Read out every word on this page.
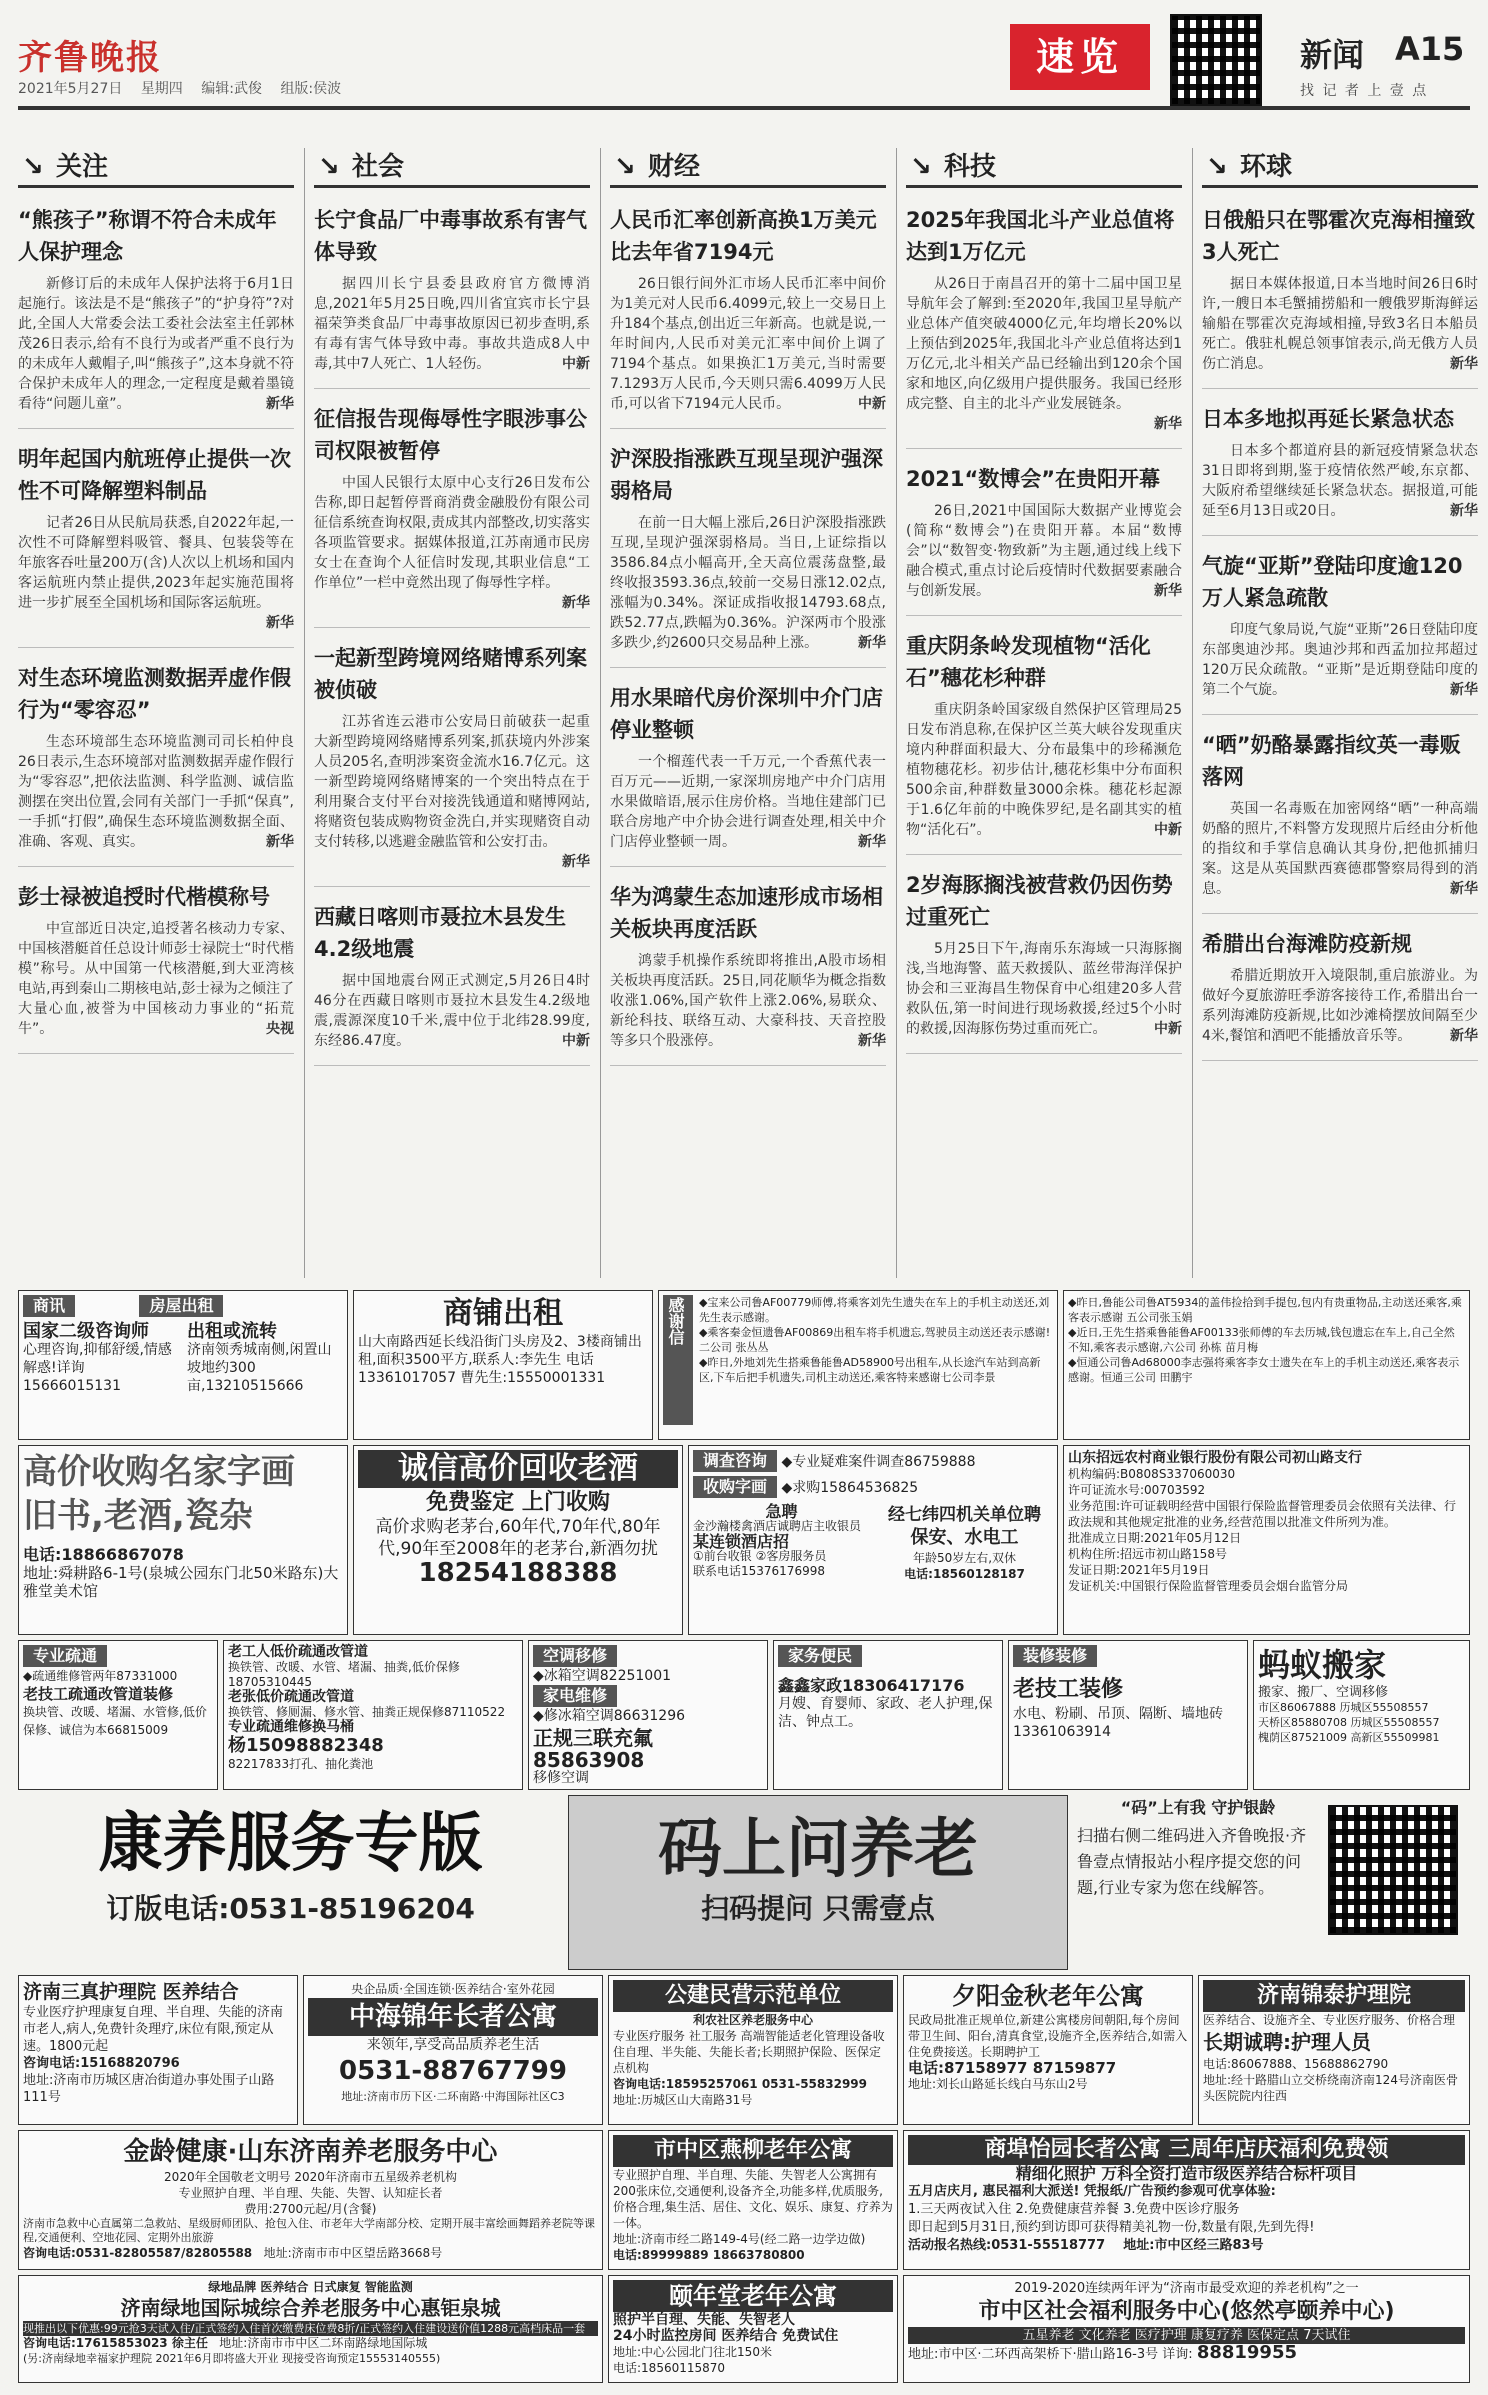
齐鲁晚报
2021年5月27日 星期四 编辑:武俊 组版:侯波
速览	新闻 A15
找 记 者 上 壹 点
↘ 关注
“熊孩子”称谓不符合未成年人保护理念

新修订后的未成年人保护法将于6月1日起施行。该法是不是“熊孩子”的“护身符”?对此,全国人大常委会法工委社会法室主任郭林茂26日表示,给有不良行为或者严重不良行为的未成年人戴帽子,叫“熊孩子”,这本身就不符合保护未成年人的理念,一定程度是戴着墨镜看待“问题儿童”。	新华

明年起国内航班停止提供一次性不可降解塑料制品

记者26日从民航局获悉,自2022年起,一次性不可降解塑料吸管、餐具、包装袋等在年旅客吞吐量200万(含)人次以上机场和国内客运航班内禁止提供,2023年起实施范围将进一步扩展至全国机场和国际客运航班。
新华

对生态环境监测数据弄虚作假行为“零容忍”

生态环境部生态环境监测司司长柏仲良26日表示,生态环境部对监测数据弄虚作假行为“零容忍”,把依法监测、科学监测、诚信监测摆在突出位置,会同有关部门一手抓“保真”,一手抓“打假”,确保生态环境监测数据全面、准确、客观、真实。	新华

彭士禄被追授时代楷模称号

中宣部近日决定,追授著名核动力专家、中国核潜艇首任总设计师彭士禄院士“时代楷模”称号。从中国第一代核潜艇,到大亚湾核电站,再到秦山二期核电站,彭士禄为之倾注了大量心血,被誉为中国核动力事业的“拓荒牛”。	央视

↘ 社会
长宁食品厂中毒事故系有害气体导致

据四川长宁县委县政府官方微博消息,2021年5月25日晚,四川省宜宾市长宁县福荣笋类食品厂中毒事故原因已初步查明,系有毒有害气体导致中毒。事故共造成8人中毒,其中7人死亡、1人轻伤。	中新

征信报告现侮辱性字眼涉事公司权限被暂停

中国人民银行太原中心支行26日发布公告称,即日起暂停晋商消费金融股份有限公司征信系统查询权限,责成其内部整改,切实落实各项监管要求。据媒体报道,江苏南通市民房女士在查询个人征信时发现,其职业信息“工作单位”一栏中竟然出现了侮辱性字样。
新华

一起新型跨境网络赌博系列案被侦破

江苏省连云港市公安局日前破获一起重大新型跨境网络赌博系列案,抓获境内外涉案人员205名,查明涉案资金流水16.7亿元。这一新型跨境网络赌博案的一个突出特点在于利用聚合支付平台对接洗钱通道和赌博网站,将赌资包装成购物资金洗白,并实现赌资自动支付转移,以逃避金融监管和公安打击。
新华

西藏日喀则市聂拉木县发生4.2级地震

据中国地震台网正式测定,5月26日4时46分在西藏日喀则市聂拉木县发生4.2级地震,震源深度10千米,震中位于北纬28.99度,东经86.47度。	中新

↘ 财经
人民币汇率创新高换1万美元比去年省7194元

26日银行间外汇市场人民币汇率中间价为1美元对人民币6.4099元,较上一交易日上升184个基点,创出近三年新高。也就是说,一年时间内,人民币对美元汇率中间价上调了7194个基点。如果换汇1万美元,当时需要7.1293万人民币,今天则只需6.4099万人民币,可以省下7194元人民币。	中新

沪深股指涨跌互现呈现沪强深弱格局

在前一日大幅上涨后,26日沪深股指涨跌互现,呈现沪强深弱格局。当日,上证综指以3586.84点小幅高开,全天高位震荡盘整,最终收报3593.36点,较前一交易日涨12.02点,涨幅为0.34%。深证成指收报14793.68点,跌52.77点,跌幅为0.36%。沪深两市个股涨多跌少,约2600只交易品种上涨。	新华

用水果暗代房价深圳中介门店停业整顿

一个榴莲代表一千万元,一个香蕉代表一百万元——近期,一家深圳房地产中介门店用水果做暗语,展示住房价格。当地住建部门已联合房地产中介协会进行调查处理,相关中介门店停业整顿一周。	新华

华为鸿蒙生态加速形成市场相关板块再度活跃

鸿蒙手机操作系统即将推出,A股市场相关板块再度活跃。25日,同花顺华为概念指数收涨1.06%,国产软件上涨2.06%,易联众、新纶科技、联络互动、大豪科技、天音控股等多只个股涨停。	新华

↘ 科技
2025年我国北斗产业总值将达到1万亿元

从26日于南昌召开的第十二届中国卫星导航年会了解到:至2020年,我国卫星导航产业总体产值突破4000亿元,年均增长20%以上预估到2025年,我国北斗产业总值将达到1万亿元,北斗相关产品已经输出到120余个国家和地区,向亿级用户提供服务。我国已经形成完整、自主的北斗产业发展链条。
新华

2021“数博会”在贵阳开幕

26日,2021中国国际大数据产业博览会(简称“数博会”)在贵阳开幕。本届“数博会”以“数智变·物致新”为主题,通过线上线下融合模式,重点讨论后疫情时代数据要素融合与创新发展。	新华

重庆阴条岭发现植物“活化石”穗花杉种群

重庆阴条岭国家级自然保护区管理局25日发布消息称,在保护区兰英大峡谷发现重庆境内种群面积最大、分布最集中的珍稀濒危植物穗花杉。初步估计,穗花杉集中分布面积500余亩,种群数量3000余株。穗花杉起源于1.6亿年前的中晚侏罗纪,是名副其实的植物“活化石”。	中新

2岁海豚搁浅被营救仍因伤势过重死亡

5月25日下午,海南乐东海域一只海豚搁浅,当地海警、蓝天救援队、蓝丝带海洋保护协会和三亚海昌生物保育中心组建20多人营救队伍,第一时间进行现场救援,经过5个小时的救援,因海豚伤势过重而死亡。	中新

↘ 环球
日俄船只在鄂霍次克海相撞致3人死亡

据日本媒体报道,日本当地时间26日6时许,一艘日本毛蟹捕捞船和一艘俄罗斯海鲜运输船在鄂霍次克海域相撞,导致3名日本船员死亡。俄驻札幌总领事馆表示,尚无俄方人员伤亡消息。	新华

日本多地拟再延长紧急状态

日本多个都道府县的新冠疫情紧急状态31日即将到期,鉴于疫情依然严峻,东京都、大阪府希望继续延长紧急状态。据报道,可能延至6月13日或20日。	新华

气旋“亚斯”登陆印度逾120万人紧急疏散

印度气象局说,气旋“亚斯”26日登陆印度东部奥迪沙邦。奥迪沙邦和西孟加拉邦超过120万民众疏散。“亚斯”是近期登陆印度的第二个气旋。	新华

“晒”奶酪暴露指纹英一毒贩落网

英国一名毒贩在加密网络“晒”一种高端奶酪的照片,不料警方发现照片后经由分析他的指纹和手掌信息确认其身份,把他抓捕归案。这是从英国默西赛德郡警察局得到的消息。	新华

希腊出台海滩防疫新规

希腊近期放开入境限制,重启旅游业。为做好今夏旅游旺季游客接待工作,希腊出台一系列海滩防疫新规,比如沙滩椅摆放间隔至少4米,餐馆和酒吧不能播放音乐等。	新华

商讯	房屋出租
国家二级咨询师
心理咨询,抑郁舒缓,情感解惑!详询15666015131
出租或流转
济南领秀城南侧,闲置山坡地约300亩,13210515666
商铺出租
山大南路西延长线沿街门头房及2、3楼商铺出租,面积3500平方,联系人:李先生 电话13361017057 曹先生:15550001331
感谢信	◆宝来公司鲁AF00779师傅,将乘客刘先生遗失在车上的手机主动送还,刘先生表示感谢。
◆乘客秦金恒遗鲁AF00869出租车将手机遗忘,驾驶员主动送还表示感谢!二公司 张丛丛
◆昨日,外地刘先生搭乘鲁能鲁AD58900号出租车,从长途汽车站到高新区,下车后把手机遗失,司机主动送还,乘客特来感谢七公司李景
◆昨日,鲁能公司鲁AT5934的盖伟捡拾到手提包,包内有贵重物品,主动送还乘客,乘客表示感谢 五公司张玉娟
◆近日,王先生搭乘鲁能鲁AF00133张师傅的车去历城,钱包遗忘在车上,自己全然不知,乘客表示感谢,六公司 孙栋 苗月梅
◆恒通公司鲁Ad68000李志强将乘客李女士遗失在车上的手机主动送还,乘客表示感谢。恒通三公司 田鹏宇
高价收购名家字画
旧书,老酒,瓷杂
电话:18866867078
地址:舜耕路6-1号(泉城公园东门北50米路东)大雅堂美术馆
诚信高价回收老酒
免费鉴定 上门收购
高价求购老茅台,60年代,70年代,80年代,90年至2008年的老茅台,新酒勿扰
18254188388
调查咨询 ◆专业疑难案件调查86759888
收购字画 ◆求购15864536825
急聘
金沙瀚楼禽酒店诚聘店主收银员
某连锁酒店招
①前台收银 ②客房服务员
联系电话15376176998
经七纬四机关单位聘
保安、水电工
年龄50岁左右,双休
电话:18560128187
山东招远农村商业银行股份有限公司初山路支行
机构编码:B0808S337060030
许可证流水号:00703592
业务范围:许可证载明经营中国银行保险监督管理委员会依照有关法律、行政法规和其他规定批准的业务,经营范围以批准文件所列为准。
批准成立日期:2021年05月12日
机构住所:招远市初山路158号
发证日期:2021年5月19日
发证机关:中国银行保险监督管理委员会烟台监管分局
专业疏通
◆疏通维修管两年87331000
老技工疏通改管道装修
换块管、改暖、堵漏、水管修,低价保修、诚信为本66815009
老工人低价疏通改管道
换铁管、改暖、水管、堵漏、抽粪,低价保修 18705310445
老张低价疏通改管道
换铁管、修厕漏、修水管、抽粪正规保修87110522
专业疏通维修换马桶
杨15098882348
82217833打孔、抽化粪池
空调移修
◆冰箱空调82251001
家电维修
◆修冰箱空调86631296
正规三联充氟
85863908
移修空调
家务便民
鑫鑫家政18306417176
月嫂、育婴师、家政、老人护理,保洁、钟点工。
装修装修
老技工装修
水电、粉刷、吊顶、隔断、墙地砖13361063914
蚂蚁搬家
搬家、搬厂、空调移修
市区86067888 历城区55508557
天桥区85880708 历城区55508557
槐荫区87521009 高新区55509981
康养服务专版
订版电话:0531-85196204
码上问养老
扫码提问 只需壹点
“码”上有我 守护银龄
扫描右侧二维码进入齐鲁晚报·齐鲁壹点情报站小程序提交您的问题,行业专家为您在线解答。
济南三真护理院 医养结合
专业医疗护理康复自理、半自理、失能的济南市老人,病人,免费针灸理疗,床位有限,预定从速。1800元起
咨询电话:15168820796
地址:济南市历城区唐冶街道办事处围子山路111号
央企品质·全国连锁·医养结合·室外花园
中海锦年长者公寓
来领年,享受高品质养老生活
0531-88767799
地址:济南市历下区·二环南路·中海国际社区C3
公建民营示范单位
利农社区养老服务中心
专业医疗服务 社工服务 高端智能适老化管理设备收住自理、半失能、失能长者;长期照护保险、医保定点机构
咨询电话:18595257061 0531-55832999
地址:历城区山大南路31号
夕阳金秋老年公寓
民政局批准正规单位,新建公寓楼房间朝阳,每个房间带卫生间、阳台,清真食堂,设施齐全,医养结合,如需入住免费接送。长期聘护工
电话:87158977 87159877
地址:刘长山路延长线白马东山2号
济南锦泰护理院
医养结合、设施齐全、专业医疗服务、价格合理
长期诚聘:护理人员
电话:86067888、15688862790
地址:经十路腊山立交桥绕南济南124号济南医骨头医院院内往西
金龄健康·山东济南养老服务中心
2020年全国敬老文明号 2020年济南市五星级养老机构
专业照护自理、半自理、失能、失智、认知症长者
费用:2700元起/月(含餐)
济南市急救中心直属第二急救站、星级厨师团队、抢包入住、市老年大学南部分校、定期开展丰富绘画舞蹈养老院等课程,交通便利、空地花园、定期外出旅游
咨询电话:0531-82805587/82805588 地址:济南市市中区望岳路3668号
市中区燕柳老年公寓
专业照护自理、半自理、失能、失智老人公寓拥有200张床位,交通便利,设备齐全,功能多样,优质服务,价格合理,集生活、居住、文化、娱乐、康复、疗养为一体。
地址:济南市经二路149-4号(经二路一边学边做)
电话:89999889 18663780800
商埠怡园长者公寓 三周年店庆福利免费领
精细化照护 万科全资打造市级医养结合标杆项目
五月店庆月, 惠民福利大派送! 凭报纸/广告预约参观可优享体验:
1.三天两夜试入住 2.免费健康营养餐 3.免费中医诊疗服务
即日起到5月31日,预约到访即可获得精美礼物一份,数量有限,先到先得!
活动报名热线:0531-55518777 地址:市中区经三路83号
绿地品牌 医养结合 日式康复 智能监测
济南绿地国际城综合养老服务中心惠钜泉城
现推出以下优惠:99元抢3天试入住/正式签约入住首次缴费床位费8折/正式签约入住建设送价值1288元高档床品一套
咨询电话:17615853023 徐主任 地址:济南市市中区二环南路绿地国际城
(另:济南绿地幸福家护理院 2021年6月即将盛大开业 现接受咨询预定15553140555)
颐年堂老年公寓
照护半自理、失能、失智老人
24小时监控房间 医养结合 免费试住
地址:中心公园北门往北150米
电话:18560115870
2019-2020连续两年评为“济南市最受欢迎的养老机构”之一
市中区社会福利服务中心(悠然亭颐养中心)
五星养老 文化养老 医疗护理 康复疗养 医保定点 7天试住
地址:市中区·二环西高架桥下·腊山路16-3号 详询: 88819955
